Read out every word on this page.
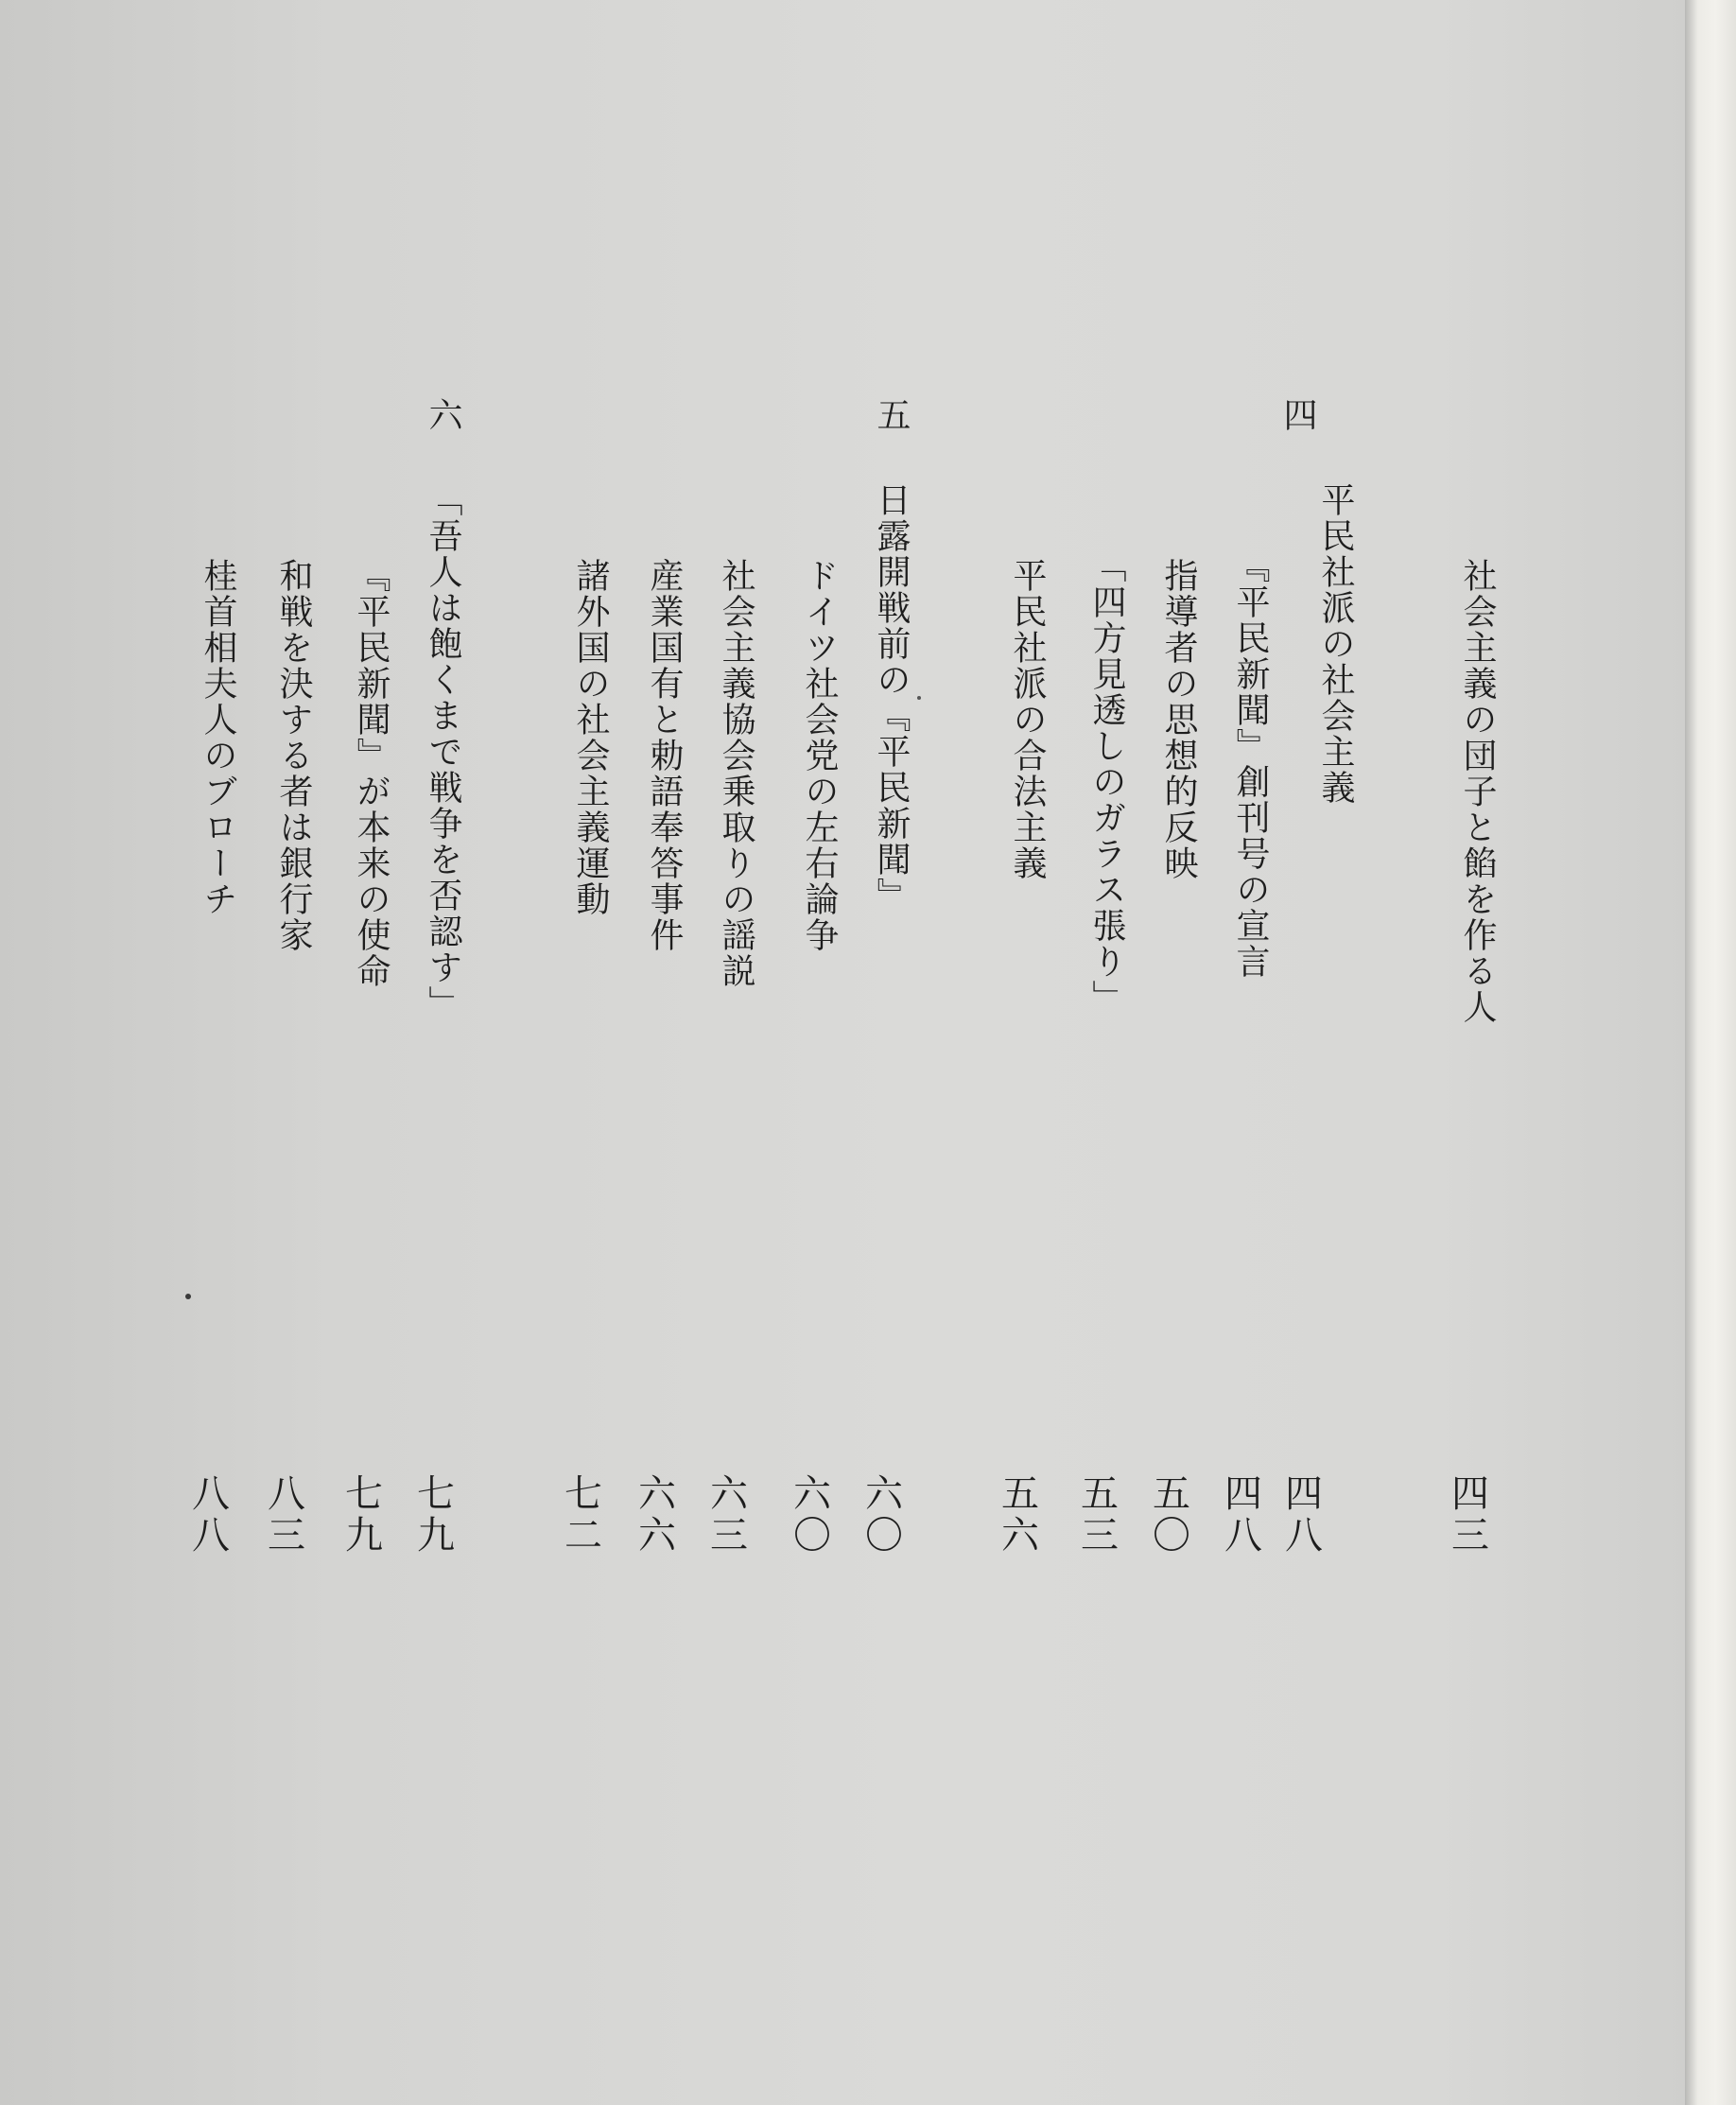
四
五
六
社会主義の団子と餡を作る人
平民社派の社会主義
『平民新聞』創刊号の宣言
指導者の思想的反映
「四方見透しのガラス張り」
平民社派の合法主義
日露開戦前の『平民新聞』
ドイツ社会党の左右論争
社会主義協会乗取りの謡説
産業国有と勅語奉答事件
諸外国の社会主義運動
「吾人は飽くまで戦争を否認す」
『平民新聞』が本来の使命
和戦を決する者は銀行家
桂首相夫人のブローチ
四三
四八
四八
五〇
五三
五六
六〇
六〇
六三
六六
七二
七九
七九
八三
八八
